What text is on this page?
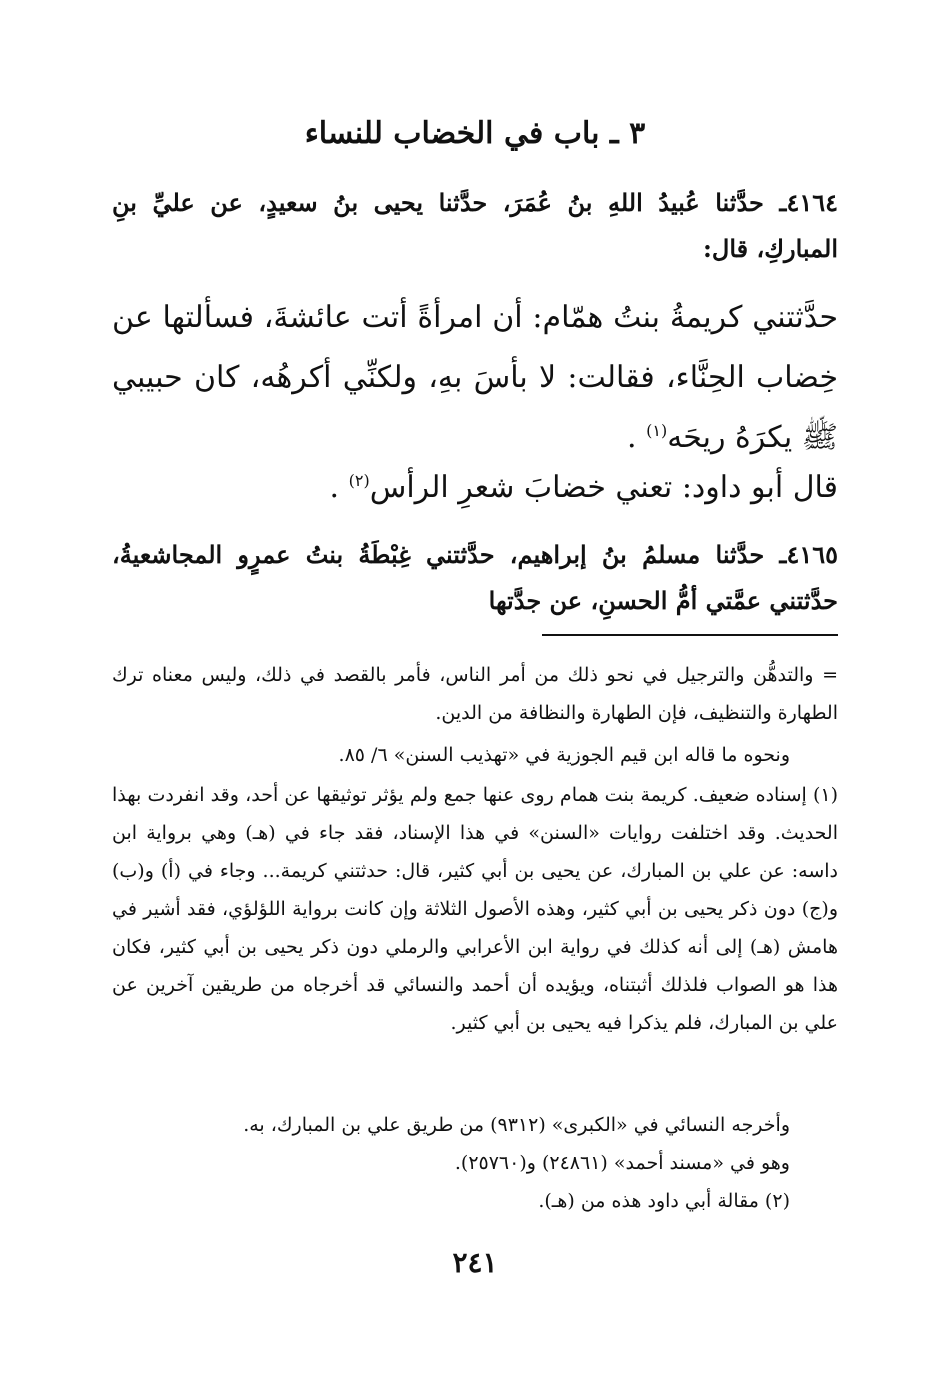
٣ ـ باب في الخضاب للنساء
٤١٦٤ـ حدَّثنا عُبيدُ اللهِ بنُ عُمَرَ، حدَّثنا يحيى بنُ سعيدٍ، عن عليِّ بنِ المباركِ، قال:
حدَّثتني كريمةُ بنتُ همّام: أن امرأةً أتت عائشةَ، فسألتها عن خِضاب الحِنَّاء، فقالت: لا بأسَ بهِ، ولكنِّي أكرهُه، كان حبيبي ﷺ يكرَهُ ريحَه$^{(١)}$ .
قال أبو داود: تعني خضابَ شعرِ الرأس$^{(٢)}$ .
٤١٦٥ـ حدَّثنا مسلمُ بنُ إبراهيم، حدَّثتني غِبْطَةُ بنتُ عمرٍو المجاشعيةُ، حدَّثتني عمَّتي أمُّ الحسنِ، عن جدَّتها
= والتدهُّن والترجيل في نحو ذلك من أمر الناس، فأمر بالقصد في ذلك، وليس معناه ترك الطهارة والتنظيف، فإن الطهارة والنظافة من الدين.
ونحوه ما قاله ابن قيم الجوزية في «تهذيب السنن» ٦/ ٨٥.
(١) إسناده ضعيف. كريمة بنت همام روى عنها جمع ولم يؤثر توثيقها عن أحد، وقد انفردت بهذا الحديث. وقد اختلفت روايات «السنن» في هذا الإسناد، فقد جاء في (هـ) وهي برواية ابن داسه: عن علي بن المبارك، عن يحيى بن أبي كثير، قال: حدثتني كريمة... وجاء في (أ) و(ب) و(ج) دون ذكر يحيى بن أبي كثير، وهذه الأصول الثلاثة وإن كانت برواية اللؤلؤي، فقد أشير في هامش (هـ) إلى أنه كذلك في رواية ابن الأعرابي والرملي دون ذكر يحيى بن أبي كثير، فكان هذا هو الصواب فلذلك أثبتناه، ويؤيده أن أحمد والنسائي قد أخرجاه من طريقين آخرين عن علي بن المبارك، فلم يذكرا فيه يحيى بن أبي كثير.
وأخرجه النسائي في «الكبرى» (٩٣١٢) من طريق علي بن المبارك، به.
وهو في «مسند أحمد» (٢٤٨٦١) و(٢٥٧٦٠).
(٢) مقالة أبي داود هذه من (هـ).
٢٤١
